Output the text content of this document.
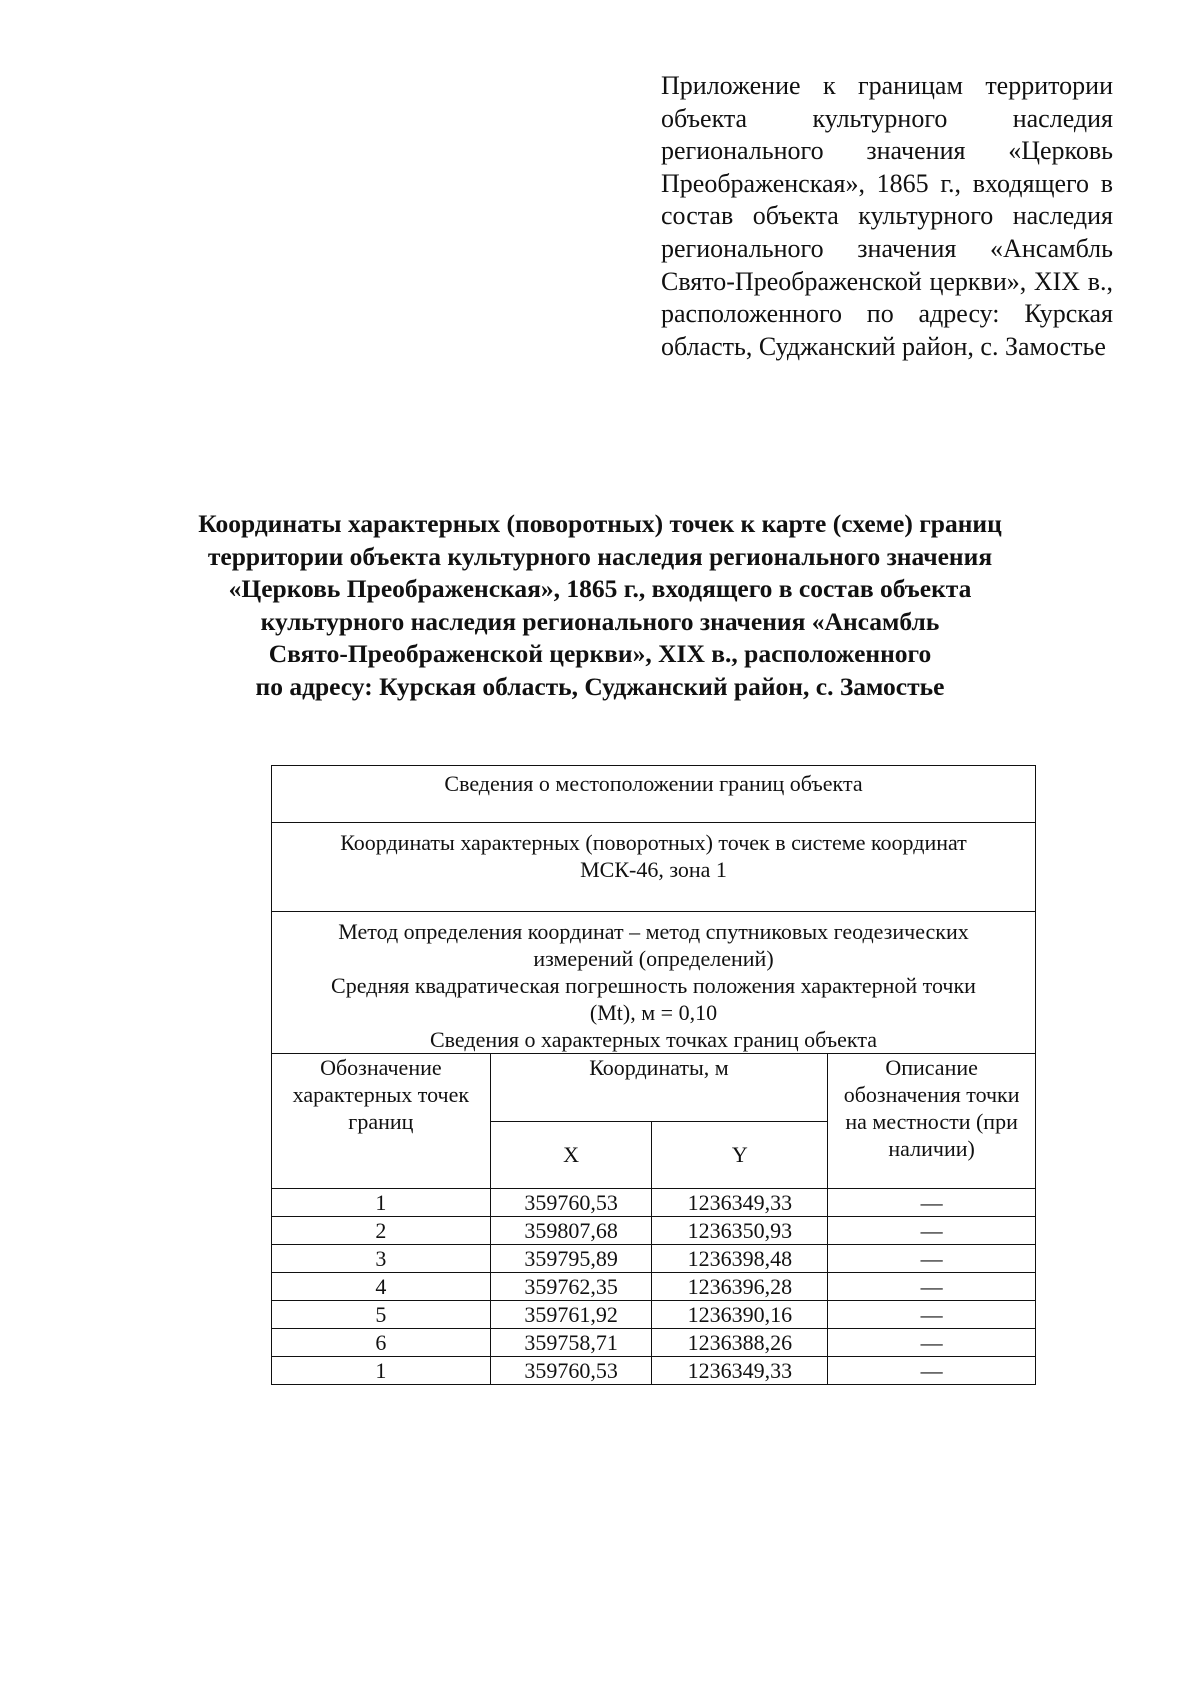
Приложение к границам территории объекта культурного наследия регионального значения «Церковь Преображенская», 1865 г., входящего в состав объекта культурного наследия регионального значения «Ансамбль Свято-Преображенской церкви», XIX в., расположенного по адресу: Курская область, Суджанский район, с. Замостье
Координаты характерных (поворотных) точек к карте (схеме) границ
территории объекта культурного наследия регионального значения
«Церковь Преображенская», 1865 г., входящего в состав объекта
культурного наследия регионального значения «Ансамбль
Свято-Преображенской церкви», XIX в., расположенного
по адресу: Курская область, Суджанский район, с. Замостье
Сведения о местоположении границ объекта			

Координаты характерных (поворотных) точек в системе координат
МСК-46, зона 1			

Метод определения координат – метод спутниковых геодезических
измерений (определений)
Средняя квадратическая погрешность положения характерной точки
(Mt), м = 0,10
Сведения о характерных точках границ объекта			

Обозначение характерных точек границ	Координаты, м		Описание обозначения точки на местности (при наличии)
	X	Y	
1	359760,53	1236349,33	—
2	359807,68	1236350,93	—
3	359795,89	1236398,48	—
4	359762,35	1236396,28	—
5	359761,92	1236390,16	—
6	359758,71	1236388,26	—
1	359760,53	1236349,33	—
